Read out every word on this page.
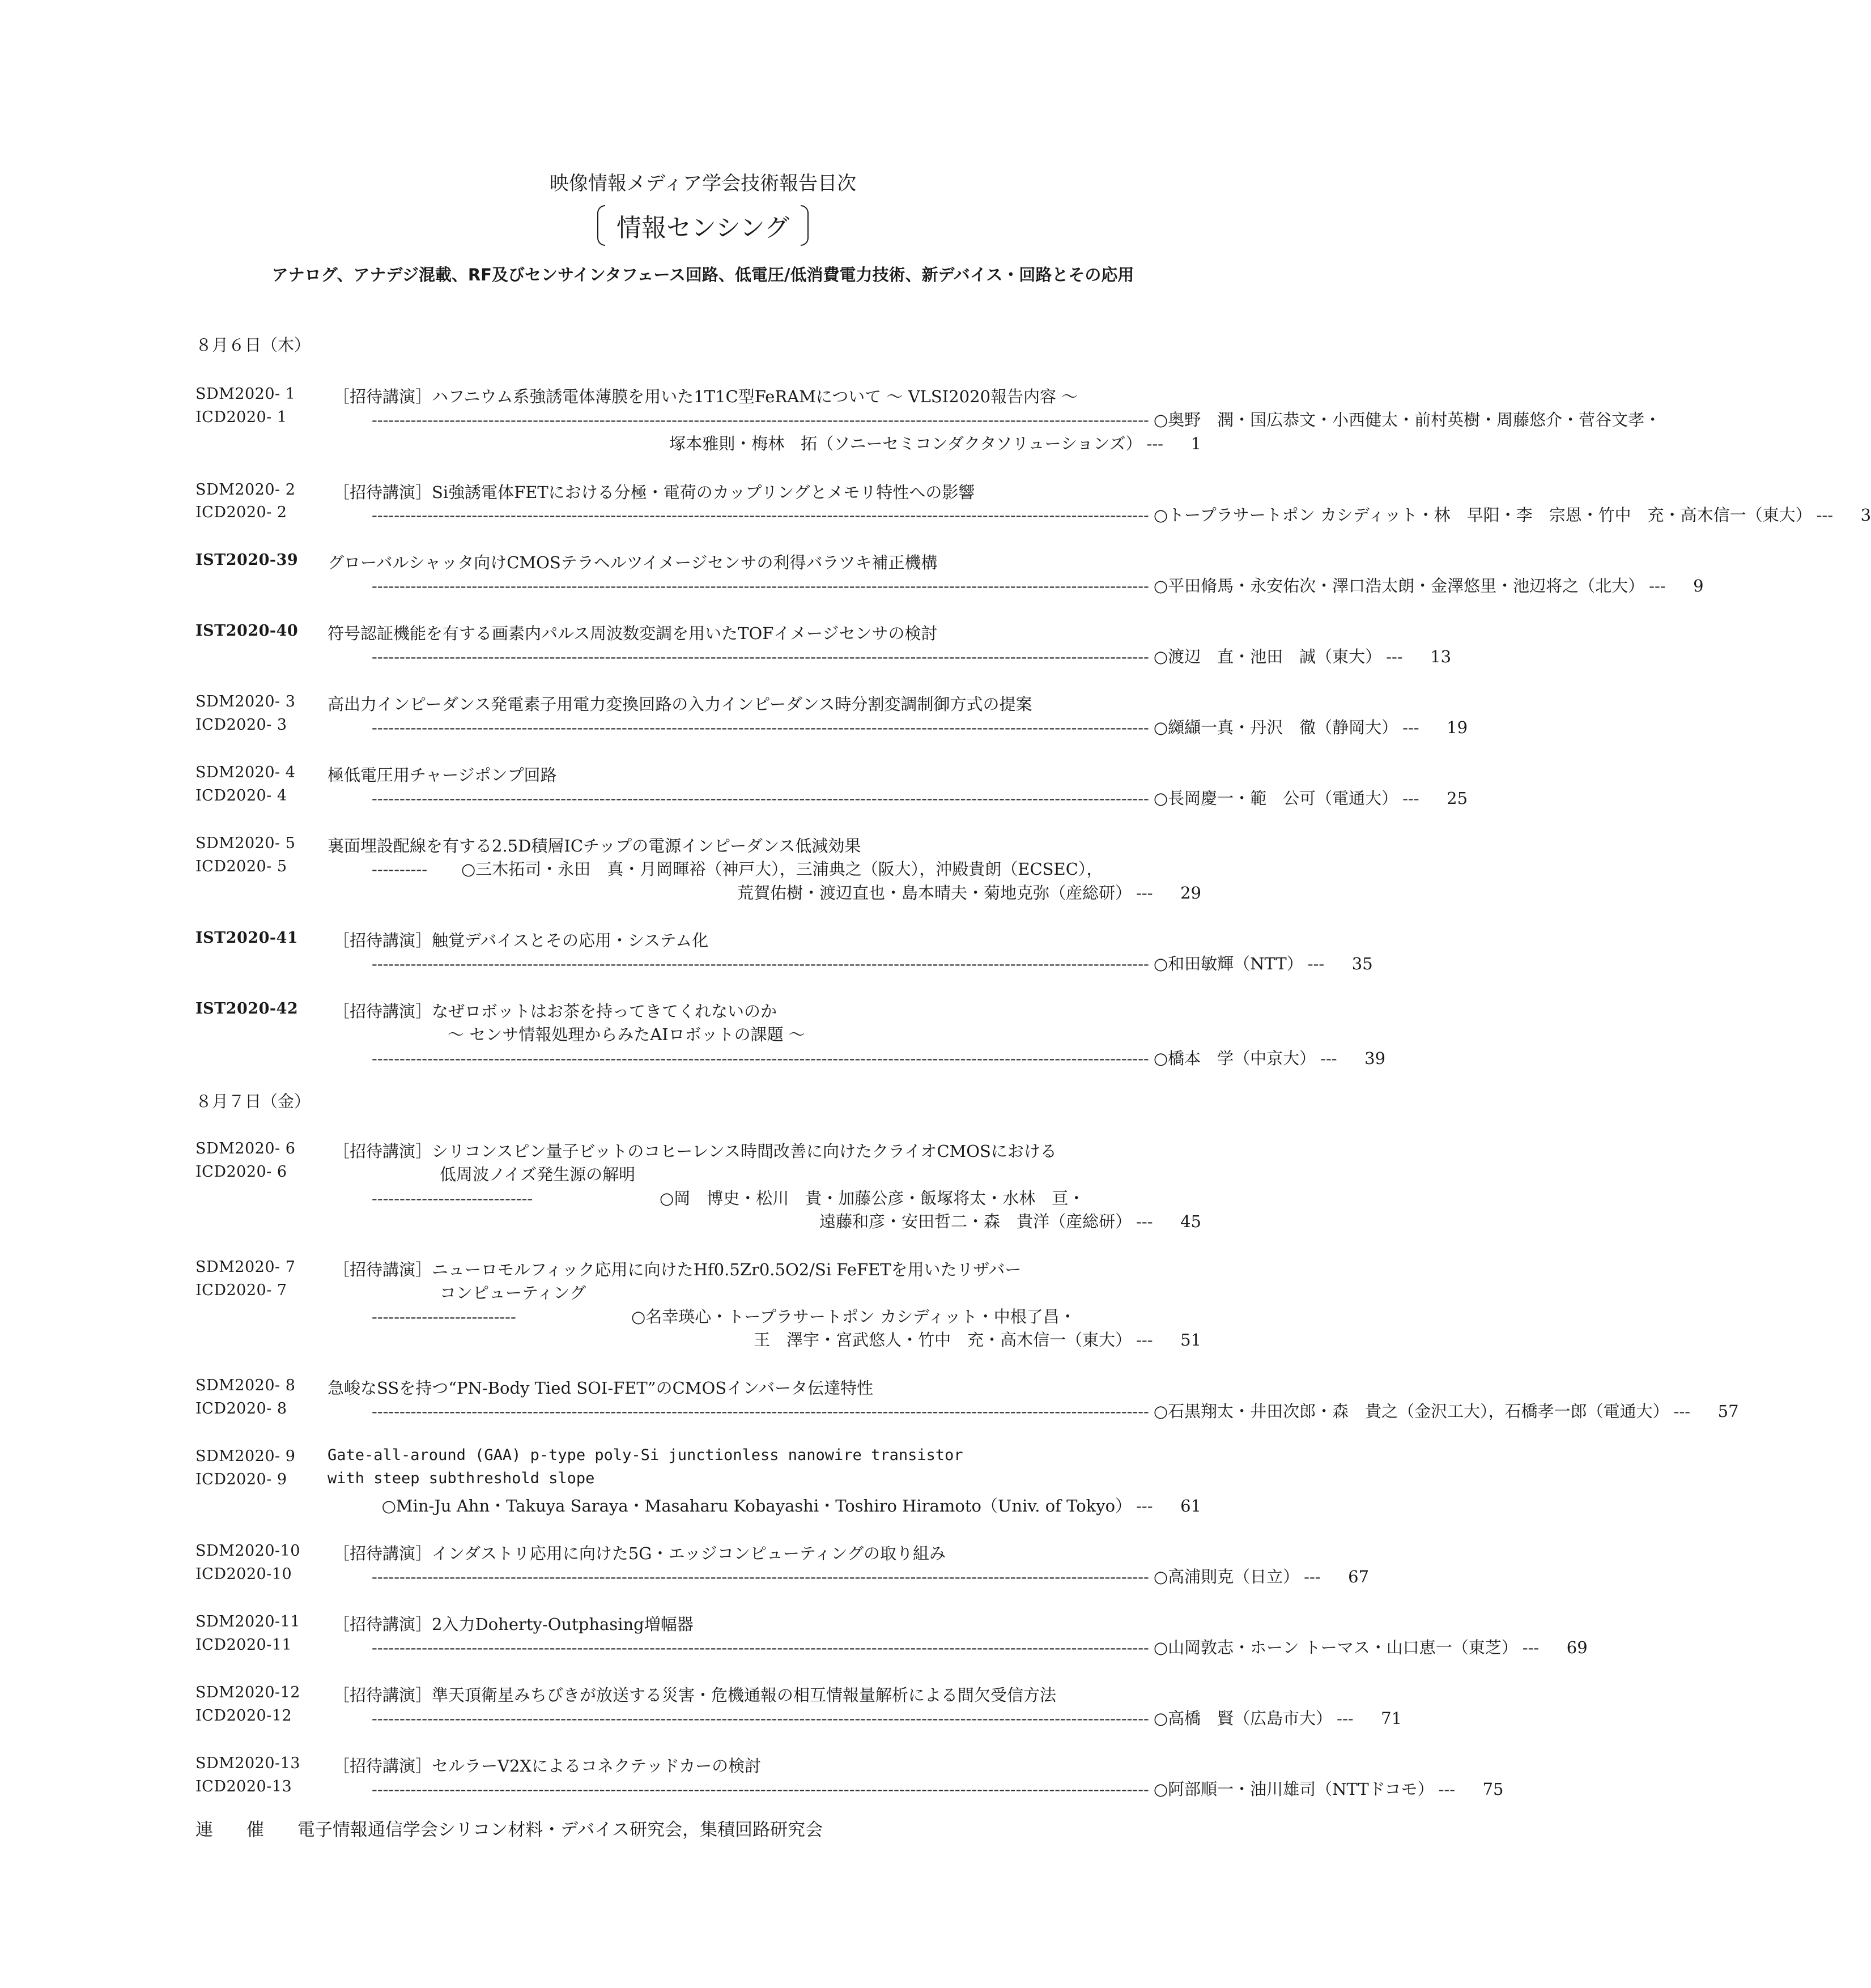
映像情報メディア学会技術報告目次
情報センシング
アナログ、アナデジ混載、RF及びセンサインタフェース回路、低電圧/低消費電力技術、新デバイス・回路とその応用
８月６日（木）
SDM2020- 1
ICD2020- 1
［招待講演］ハフニウム系強誘電体薄膜を用いた1T1C型FeRAMについて ～ VLSI2020報告内容 ～
-------------------------------------------------------------------------------------------------------------------------------------------- ○奥野　潤・国広恭文・小西健太・前村英樹・周藤悠介・菅谷文孝・
塚本雅則・梅林　拓（ソニーセミコンダクタソリューションズ） ---	1
SDM2020- 2
ICD2020- 2
［招待講演］Si強誘電体FETにおける分極・電荷のカップリングとメモリ特性への影響
-------------------------------------------------------------------------------------------------------------------------------------------- ○トープラサートポン カシディット・林　早阳・李　宗恩・竹中　充・高木信一（東大） ---	3
IST2020-39 グローバルシャッタ向けCMOSテラヘルツイメージセンサの利得バラツキ補正機構
-------------------------------------------------------------------------------------------------------------------------------------------- ○平田脩馬・永安佑次・澤口浩太朗・金澤悠里・池辺将之（北大） ---	9
IST2020-40 符号認証機能を有する画素内パルス周波数変調を用いたTOFイメージセンサの検討
-------------------------------------------------------------------------------------------------------------------------------------------- ○渡辺　直・池田　誠（東大） ---	13
SDM2020- 3
ICD2020- 3
高出力インピーダンス発電素子用電力変換回路の入力インピーダンス時分割変調制御方式の提案
-------------------------------------------------------------------------------------------------------------------------------------------- ○纐纈一真・丹沢　徹（静岡大） ---	19
SDM2020- 4
ICD2020- 4
極低電圧用チャージポンプ回路
-------------------------------------------------------------------------------------------------------------------------------------------- ○長岡慶一・範　公可（電通大） ---	25
SDM2020- 5
ICD2020- 5
裏面埋設配線を有する2.5D積層ICチップの電源インピーダンス低減効果
----------	○三木拓司・永田　真・月岡暉裕（神戸大），三浦典之（阪大），沖殿貴朗（ECSEC），
荒賀佑樹・渡辺直也・島本晴夫・菊地克弥（産総研） ---	29
IST2020-41 ［招待講演］触覚デバイスとその応用・システム化
-------------------------------------------------------------------------------------------------------------------------------------------- ○和田敏輝（NTT） ---	35
IST2020-42 ［招待講演］なぜロボットはお茶を持ってきてくれないのか
～ センサ情報処理からみたAIロボットの課題 ～
-------------------------------------------------------------------------------------------------------------------------------------------- ○橋本　学（中京大） ---	39
８月７日（金）
SDM2020- 6
ICD2020- 6
［招待講演］シリコンスピン量子ビットのコヒーレンス時間改善に向けたクライオCMOSにおける
低周波ノイズ発生源の解明
-----------------------------	○岡　博史・松川　貴・加藤公彦・飯塚将太・水林　亘・
遠藤和彦・安田哲二・森　貴洋（産総研） ---	45
SDM2020- 7
ICD2020- 7
［招待講演］ニューロモルフィック応用に向けたHf0.5Zr0.5O2/Si FeFETを用いたリザバー
コンピューティング
--------------------------	○名幸瑛心・トープラサートポン カシディット・中根了昌・
王　澤宇・宮武悠人・竹中　充・高木信一（東大） ---	51
SDM2020- 8
ICD2020- 8
急峻なSSを持つ“PN-Body Tied SOI-FET”のCMOSインバータ伝達特性
-------------------------------------------------------------------------------------------------------------------------------------------- ○石黒翔太・井田次郎・森　貴之（金沢工大），石橋孝一郎（電通大） ---	57
SDM2020- 9
ICD2020- 9
Gate-all-around (GAA) p-type poly-Si junctionless nanowire transistor
with steep subthreshold slope
○Min-Ju Ahn・Takuya Saraya・Masaharu Kobayashi・Toshiro Hiramoto（Univ. of Tokyo） ---	61
SDM2020-10
ICD2020-10
［招待講演］インダストリ応用に向けた5G・エッジコンピューティングの取り組み
-------------------------------------------------------------------------------------------------------------------------------------------- ○高浦則克（日立） ---	67
SDM2020-11
ICD2020-11
［招待講演］2入力Doherty-Outphasing増幅器
-------------------------------------------------------------------------------------------------------------------------------------------- ○山岡敦志・ホーン トーマス・山口恵一（東芝） ---	69
SDM2020-12
ICD2020-12
［招待講演］準天頂衛星みちびきが放送する災害・危機通報の相互情報量解析による間欠受信方法
-------------------------------------------------------------------------------------------------------------------------------------------- ○高橋　賢（広島市大） ---	71
SDM2020-13
ICD2020-13
［招待講演］セルラーV2Xによるコネクテッドカーの検討
-------------------------------------------------------------------------------------------------------------------------------------------- ○阿部順一・油川雄司（NTTドコモ） ---	75
連　催 電子情報通信学会シリコン材料・デバイス研究会，集積回路研究会
